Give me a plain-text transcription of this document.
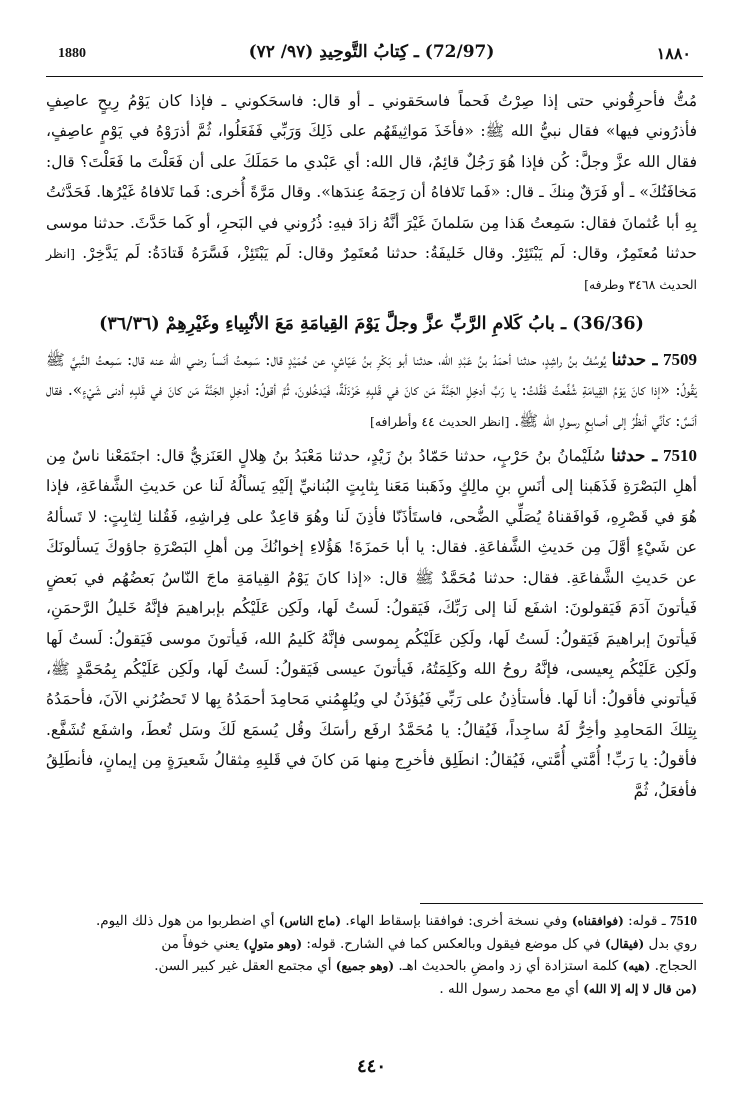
1880	(72/97) ـ كِتابُ التَّوحِيدِ (٩٧/ ٧٢)	١٨٨٠

مُتُّ فأحرِقُوني حتى إذا صِرْتُ فَحماً فاسحَقوني ـ أو قال: فاسحَكوني ـ فإذا كان يَوْمُ رِيحٍ عاصِفٍ فأذرُوني فيها» فقال نبيُّ الله ﷺ: «فأخَذَ مَواثِيقَهُم على ذَلِكَ وَرَبِّي فَفَعَلُوا، ثُمَّ أذرَوْهُ في يَوْمٍ عاصِفٍ، فقال الله عزَّ وجلَّ: كُن فإذا هُوَ رَجُلٌ قائِمٌ، قال الله: أي عَبْدي ما حَمَلَكَ على أن فَعَلْتَ ما فَعَلْتَ؟ قال: مَخافَتُكَ» ـ أو فَرَقٌ مِنكَ ـ قال: «فَما تَلافاهُ أن رَحِمَهُ عِندَها». وقال مَرَّةً أُخرى: فَما تَلافاهُ غَيْرُها. فَحَدَّثتُ بِهِ أبا عُثمانَ فقال: سَمِعتُ هَذا مِن سَلمانَ غَيْرَ أنَّهُ زادَ فيهِ: ذُرُوني في البَحرِ، أو كَما حَدَّثَ. حدثنا موسى حدثنا مُعتَمِرٌ، وقال: لَم يَبْتَئِرْ. وقال خَليفَةُ: حدثنا مُعتَمِرٌ وقال: لَم يَبْتَئِزْ، فَسَّرَهُ قَتادَةُ: لَم يَدَّخِرْ. [انظر الحديث ٣٤٦٨ وطرفه]

(36/36) ـ بابُ كَلامِ الرَّبِّ عزَّ وجلَّ يَوْمَ القِيامَةِ مَعَ الأنْبِياءِ وغَيْرِهِمْ (٣٦/٣٦)

7509 ـ حدثنا يُوسُفُ بنُ راشِدٍ، حدثنا أحمَدُ بنُ عَبْدِ الله، حدثنا أبو بَكْرِ بنُ عَيّاشٍ، عن حُمَيْدٍ قال: سَمِعتُ أنَساً رضي الله عنه قال: سَمِعتُ النَّبيَّ ﷺ يَقُولُ: «إذا كانَ يَوْمُ القِيامَةِ شُفِّعتُ فَقُلتُ: يا رَبِّ أدخِلِ الجَنَّةَ مَن كانَ في قَلبِهِ خَرْدَلَةٌ، فَيَدخُلونَ، ثُمَّ أقولُ: أدخِلِ الجَنَّةَ مَن كانَ في قَلبِهِ أدنى شَيْءٍ». فقال أنَسٌ: كأنِّي أنظُرُ إلى أصابِعِ رسولِ الله ﷺ. [انظر الحديث ٤٤ وأطرافه]

7510 ـ حدثنا سُلَيْمانُ بنُ حَرْبٍ، حدثنا حَمّادُ بنُ زَيْدٍ، حدثنا مَعْبَدُ بنُ هِلالٍ العَنَزيُّ قال: اجتَمَعْنا ناسٌ مِن أهلِ البَصْرَةِ فَذَهَبنا إلى أنَسِ بنِ مالِكٍ وذَهَبنا مَعَنا بِثابِتٍ البُنانيِّ إلَيْهِ يَسألُهُ لَنا عن حَديثِ الشَّفاعَةِ، فإذا هُوَ في قَصْرِهِ، فَوافَقناهُ يُصَلِّي الضُّحى، فاستَأذَنّا فأذِنَ لَنا وهُوَ قاعِدٌ على فِراشِهِ، فَقُلنا لِثابِتٍ: لا تَسألهُ عن شَيْءٍ أوَّلَ مِن حَديثِ الشَّفاعَةِ. فقال: يا أبا حَمزَةَ! هَؤُلاءِ إخوانُكَ مِن أهلِ البَصْرَةِ جاؤوكَ يَسألونَكَ عن حَديثِ الشَّفاعَةِ. فقال: حدثنا مُحَمَّدٌ ﷺ قال: «إذا كانَ يَوْمُ القِيامَةِ ماجَ النّاسُ بَعضُهُم في بَعضٍ فَيأتونَ آدَمَ فَيَقولونَ: اشفَع لَنا إلى رَبِّكَ، فَيَقولُ: لَستُ لَها، ولَكِن عَلَيْكُم بإبراهيمَ فإنَّهُ خَليلُ الرَّحمَنِ، فَيأتونَ إبراهيمَ فَيَقولُ: لَستُ لَها، ولَكِن عَلَيْكُم بِموسى فإنَّهُ كَليمُ الله، فَيأتونَ موسى فَيَقولُ: لَستُ لَها ولَكِن عَلَيْكُم بِعيسى، فإنَّهُ روحُ الله وكَلِمَتُهُ، فَيأتونَ عيسى فَيَقولُ: لَستُ لَها، ولَكِن عَلَيْكُم بِمُحَمَّدٍ ﷺ، فَيأتوني فأقولُ: أنا لَها. فأستأذِنُ على رَبِّي فَيُؤذَنُ لي ويُلهِمُني مَحامِدَ أحمَدُهُ بِها لا تَحضُرُني الآنَ، فأحمَدُهُ بِتِلكَ المَحامِدِ وأخِرُّ لَهُ ساجِداً، فَيُقالُ: يا مُحَمَّدُ ارفَع رأسَكَ وقُل يُسمَع لَكَ وسَل تُعطَ، واشفَع تُشَفَّع. فأقولُ: يا رَبِّ! أُمَّتي أُمَّتي، فَيُقالُ: انطَلِق فأخرِج مِنها مَن كانَ في قَلبِهِ مِثقالُ شَعيرَةٍ مِن إيمانٍ، فأنطَلِقُ فأفعَلُ، ثُمَّ

7510 ـ قوله: (فوافقناه) وفي نسخة أخرى: فوافقنا بإسقاط الهاء. (ماج الناس) أي اضطربوا من هول ذلك اليوم.

روي بدل (فيقال) في كل موضع فيقول وبالعكس كما في الشارح. قوله: (وهو متولٍ) يعني خوفاً من

الحجاج. (هيه) كلمة استزادة أي زد وامضِ بالحديث اهـ. (وهو جميع) أي مجتمع العقل غير كبير السن.

(من قال لا إله إلا الله) أي مع محمد رسول الله .

٤٤٠
